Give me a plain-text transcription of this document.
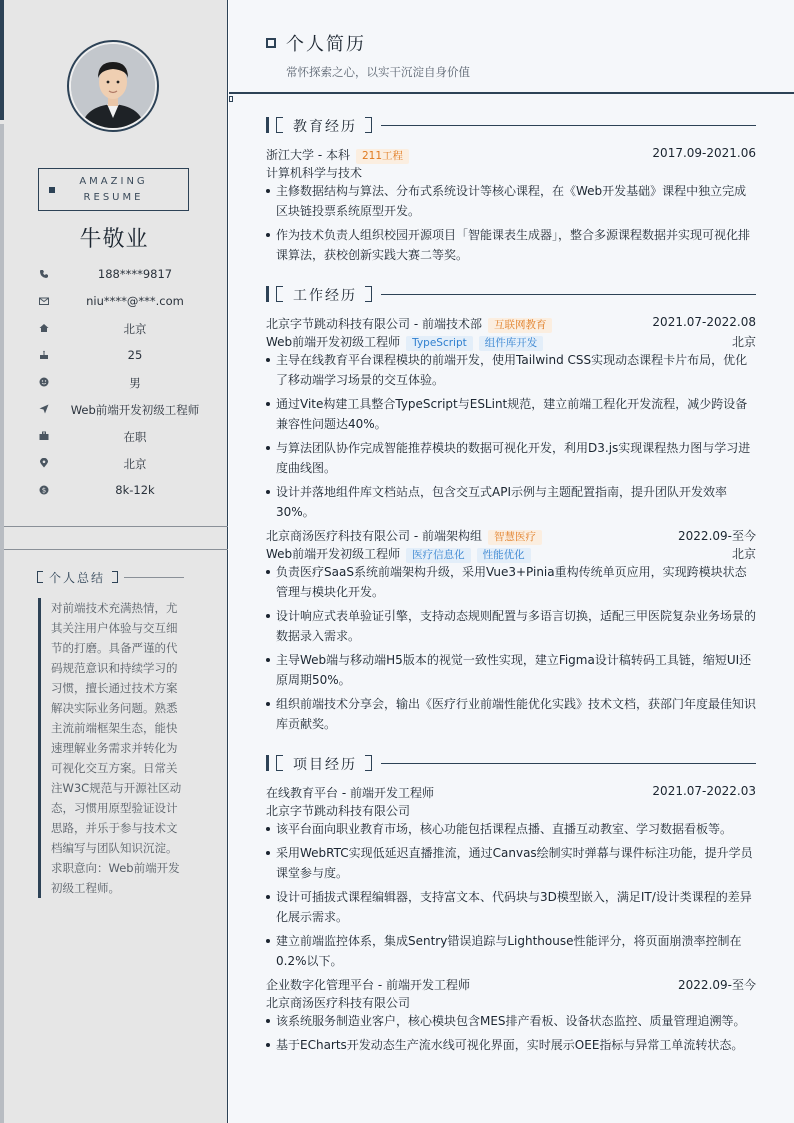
AMAZING
RESUME
牛敬业
188****9817
niu****@***.com
北京
25
男
Web前端开发初级工程师
在职
北京
$	8k-12k
个人总结
对前端技术充满热情，尤其关注用户体验与交互细节的打磨。具备严谨的代码规范意识和持续学习的习惯，擅长通过技术方案解决实际业务问题。熟悉主流前端框架生态，能快速理解业务需求并转化为可视化交互方案。日常关注W3C规范与开源社区动态，习惯用原型验证设计思路，并乐于参与技术文档编写与团队知识沉淀。求职意向：Web前端开发初级工程师。
个人简历
常怀探索之心，以实干沉淀自身价值
教育经历
浙江大学 - 本科 211工程	2017.09-2021.06
计算机科学与技术
主修数据结构与算法、分布式系统设计等核心课程，在《Web开发基础》课程中独立完成区块链投票系统原型开发。
作为技术负责人组织校园开源项目「智能课表生成器」，整合多源课程数据并实现可视化排课算法，获校创新实践大赛二等奖。
工作经历
北京字节跳动科技有限公司 - 前端技术部 互联网教育	2021.07-2022.08
Web前端开发初级工程师 TypeScript 组件库开发	北京
主导在线教育平台课程模块的前端开发，使用Tailwind CSS实现动态课程卡片布局，优化了移动端学习场景的交互体验。
通过Vite构建工具整合TypeScript与ESLint规范，建立前端工程化开发流程，减少跨设备兼容性问题达40%。
与算法团队协作完成智能推荐模块的数据可视化开发，利用D3.js实现课程热力图与学习进度曲线图。
设计并落地组件库文档站点，包含交互式API示例与主题配置指南，提升团队开发效率30%。
北京商汤医疗科技有限公司 - 前端架构组 智慧医疗	2022.09-至今
Web前端开发初级工程师 医疗信息化 性能优化	北京
负责医疗SaaS系统前端架构升级，采用Vue3+Pinia重构传统单页应用，实现跨模块状态管理与模块化开发。
设计响应式表单验证引擎，支持动态规则配置与多语言切换，适配三甲医院复杂业务场景的数据录入需求。
主导Web端与移动端H5版本的视觉一致性实现，建立Figma设计稿转码工具链，缩短UI还原周期50%。
组织前端技术分享会，输出《医疗行业前端性能优化实践》技术文档，获部门年度最佳知识库贡献奖。
项目经历
在线教育平台 - 前端开发工程师	2021.07-2022.03
北京字节跳动科技有限公司
该平台面向职业教育市场，核心功能包括课程点播、直播互动教室、学习数据看板等。
采用WebRTC实现低延迟直播推流，通过Canvas绘制实时弹幕与课件标注功能，提升学员课堂参与度。
设计可插拔式课程编辑器，支持富文本、代码块与3D模型嵌入，满足IT/设计类课程的差异化展示需求。
建立前端监控体系，集成Sentry错误追踪与Lighthouse性能评分，将页面崩溃率控制在0.2%以下。
企业数字化管理平台 - 前端开发工程师	2022.09-至今
北京商汤医疗科技有限公司
该系统服务制造业客户，核心模块包含MES排产看板、设备状态监控、质量管理追溯等。
基于ECharts开发动态生产流水线可视化界面，实时展示OEE指标与异常工单流转状态。
